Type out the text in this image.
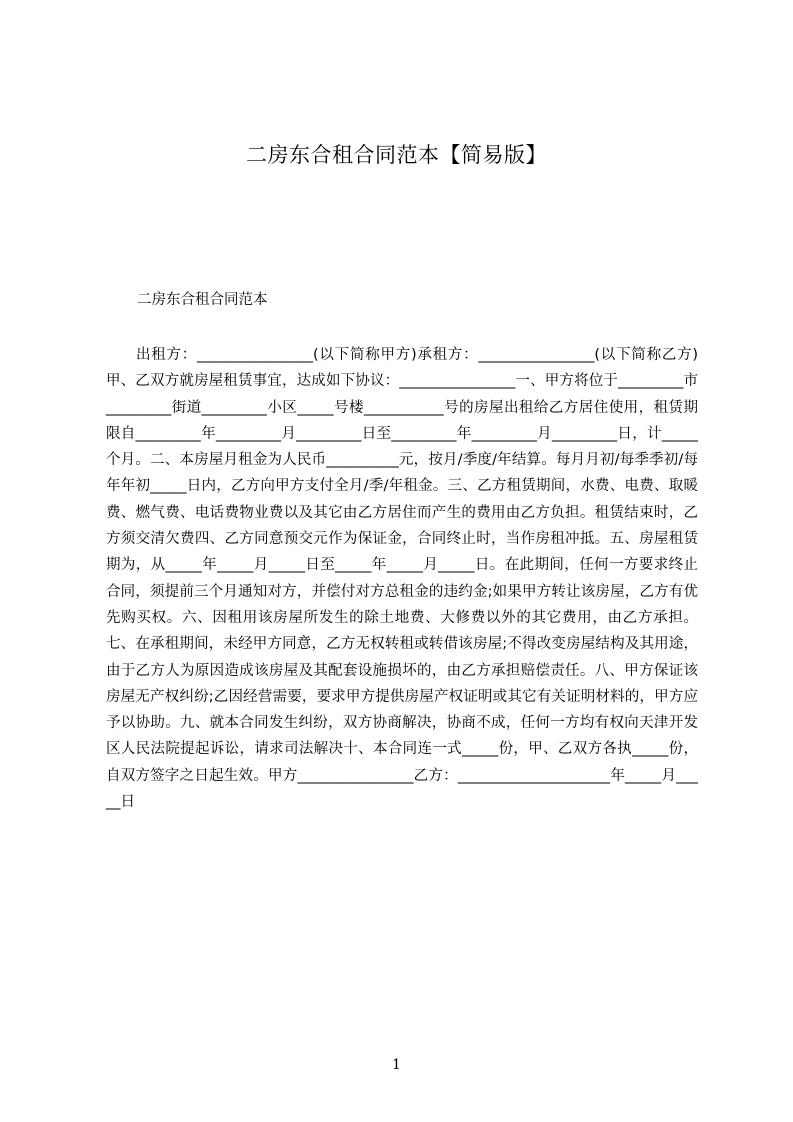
二房东合租合同范本【简易版】
二房东合租合同范本

出租方：________________(以下简称甲方)承租方：________________(以下简称乙方)甲、乙双方就房屋租赁事宜，达成如下协议：________________一、甲方将位于_________市_________街道_________小区_____号楼___________号的房屋出租给乙方居住使用，租赁期限自_________年_________月_________日至_________年_________月_________日，计_____个月。二、本房屋月租金为人民币__________元，按月/季度/年结算。每月月初/每季季初/每年年初_____日内，乙方向甲方支付全月/季/年租金。三、乙方租赁期间，水费、电费、取暖费、燃气费、电话费物业费以及其它由乙方居住而产生的费用由乙方负担。租赁结束时，乙方须交清欠费四、乙方同意预交元作为保证金，合同终止时，当作房租冲抵。五、房屋租赁期为，从_____年_____月_____日至_____年_____月_____日。在此期间，任何一方要求终止合同，须提前三个月通知对方，并偿付对方总租金的违约金;如果甲方转让该房屋，乙方有优先购买权。六、因租用该房屋所发生的除土地费、大修费以外的其它费用，由乙方承担。七、在承租期间，未经甲方同意，乙方无权转租或转借该房屋;不得改变房屋结构及其用途，由于乙方人为原因造成该房屋及其配套设施损坏的，由乙方承担赔偿责任。八、甲方保证该房屋无产权纠纷;乙因经营需要，要求甲方提供房屋产权证明或其它有关证明材料的，甲方应予以协助。九、就本合同发生纠纷，双方协商解决，协商不成，任何一方均有权向天津开发区人民法院提起诉讼，请求司法解决十、本合同连一式_____份，甲、乙双方各执_____份，自双方签字之日起生效。甲方________________乙方：_____________________年_____月_____日

1
